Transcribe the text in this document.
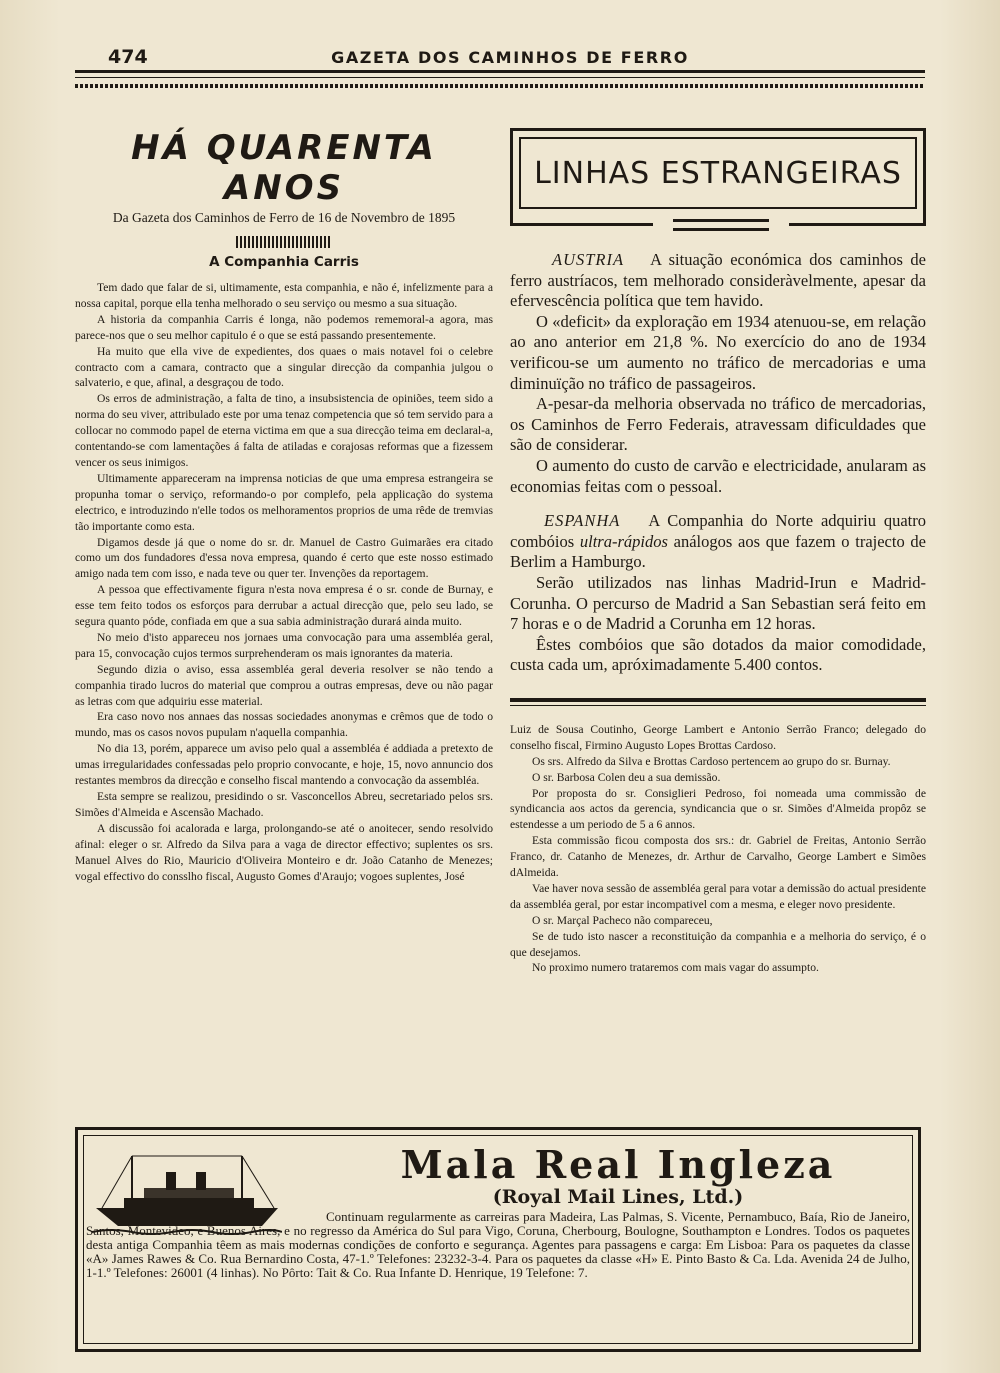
474	GAZETA DOS CAMINHOS DE FERRO
HÁ QUARENTA ANOS
Da Gazeta dos Caminhos de Ferro de 16 de Novembro de 1895
A Companhia Carris

Tem dado que falar de si, ultimamente, esta companhia, e não é, infelizmente para a nossa capital, porque ella tenha melhorado o seu serviço ou mesmo a sua situação.

A historia da companhia Carris é longa, não podemos rememoral-a agora, mas parece-nos que o seu melhor capitulo é o que se está passando presentemente.

Ha muito que ella vive de expedientes, dos quaes o mais notavel foi o celebre contracto com a camara, contracto que a singular direcção da companhia julgou o salvaterio, e que, afinal, a desgraçou de todo.

Os erros de administração, a falta de tino, a insubsistencia de opiniões, teem sido a norma do seu viver, attribulado este por uma tenaz competencia que só tem servido para a collocar no commodo papel de eterna victima em que a sua direcção teima em declaral-a, contentando-se com lamentações á falta de atiladas e corajosas reformas que a fizessem vencer os seus inimigos.

Ultimamente appareceram na imprensa noticias de que uma empresa estrangeira se propunha tomar o serviço, reformando-o por complefo, pela applicação do systema electrico, e introduzindo n'elle todos os melhoramentos proprios de uma rêde de tremvias tão importante como esta.

Digamos desde já que o nome do sr. dr. Manuel de Castro Guimarães era citado como um dos fundadores d'essa nova empresa, quando é certo que este nosso estimado amigo nada tem com isso, e nada teve ou quer ter. Invenções da reportagem.

A pessoa que effectivamente figura n'esta nova empresa é o sr. conde de Burnay, e esse tem feito todos os esforços para derrubar a actual direcção que, pelo seu lado, se segura quanto póde, confiada em que a sua sabia administração durará ainda muito.

No meio d'isto appareceu nos jornaes uma convocação para uma assembléa geral, para 15, convocação cujos termos surprehenderam os mais ignorantes da materia.

Segundo dizia o aviso, essa assembléa geral deveria resolver se não tendo a companhia tirado lucros do material que comprou a outras empresas, deve ou não pagar as letras com que adquiriu esse material.

Era caso novo nos annaes das nossas sociedades anonymas e crêmos que de todo o mundo, mas os casos novos pupulam n'aquella companhia.

No dia 13, porém, apparece um aviso pelo qual a assembléa é addiada a pretexto de umas irregularidades confessadas pelo proprio convocante, e hoje, 15, novo annuncio dos restantes membros da direcção e conselho fiscal mantendo a convocação da assembléa.

Esta sempre se realizou, presidindo o sr. Vasconcellos Abreu, secretariado pelos srs. Simões d'Almeida e Ascensão Machado.

A discussão foi acalorada e larga, prolongando-se até o anoitecer, sendo resolvido afinal: eleger o sr. Alfredo da Silva para a vaga de director effectivo; suplentes os srs. Manuel Alves do Rio, Mauricio d'Oliveira Monteiro e dr. João Catanho de Menezes; vogal effectivo do consslho fiscal, Augusto Gomes d'Araujo; vogoes suplentes, José

LINHAS ESTRANGEIRAS

AUSTRIA A situação económica dos caminhos de ferro austríacos, tem melhorado consideràvelmente, apesar da efervescência política que tem havido.

O «deficit» da exploração em 1934 atenuou-se, em relação ao ano anterior em 21,8 %. No exercício do ano de 1934 verificou-se um aumento no tráfico de mercadorias e uma diminuïção no tráfico de passageiros.

A-pesar-da melhoria observada no tráfico de mercadorias, os Caminhos de Ferro Federais, atravessam dificuldades que são de considerar.

O aumento do custo de carvão e electricidade, anularam as economias feitas com o pessoal.

ESPANHA A Companhia do Norte adquiriu quatro combóios ultra-rápidos análogos aos que fazem o trajecto de Berlim a Hamburgo.

Serão utilizados nas linhas Madrid-Irun e Madrid-Corunha. O percurso de Madrid a San Sebastian será feito em 7 horas e o de Madrid a Corunha em 12 horas.

Êstes combóios que são dotados da maior comodidade, custa cada um, apróximadamente 5.400 contos.

Luiz de Sousa Coutinho, George Lambert e Antonio Serrão Franco; delegado do conselho fiscal, Firmino Augusto Lopes Brottas Cardoso.

Os srs. Alfredo da Silva e Brottas Cardoso pertencem ao grupo do sr. Burnay.

O sr. Barbosa Colen deu a sua demissão.

Por proposta do sr. Consiglieri Pedroso, foi nomeada uma commissão de syndicancia aos actos da gerencia, syndicancia que o sr. Simões d'Almeida propôz se estendesse a um periodo de 5 a 6 annos.

Esta commissão ficou composta dos srs.: dr. Gabriel de Freitas, Antonio Serrão Franco, dr. Catanho de Menezes, dr. Arthur de Carvalho, George Lambert e Simões dAlmeida.

Vae haver nova sessão de assembléa geral para votar a demissão do actual presidente da assembléa geral, por estar incompativel com a mesma, e eleger novo presidente.

O sr. Marçal Pacheco não compareceu,

Se de tudo isto nascer a reconstituição da companhia e a melhoria do serviço, é o que desejamos.

No proximo numero trataremos com mais vagar do assumpto.

Mala Real Ingleza
(Royal Mail Lines, Ltd.)
Continuam regularmente as carreiras para Madeira, Las Palmas, S. Vicente, Pernambuco, Baía, Rio de Janeiro, Santos, Montevideo, e Buenos Aires, e no regresso da América do Sul para Vigo, Coruna, Cherbourg, Boulogne, Southampton e Londres. Todos os paquetes desta antiga Companhia têem as mais modernas condições de conforto e segurança. Agentes para passagens e carga: Em Lisboa: Para os paquetes da classe «A» James Rawes & Co. Rua Bernardino Costa, 47-1.º Telefones: 23232-3-4. Para os paquetes da classe «H» E. Pinto Basto & Ca. Lda. Avenida 24 de Julho, 1-1.º Telefones: 26001 (4 linhas). No Pôrto: Tait & Co. Rua Infante D. Henrique, 19 Telefone: 7.
